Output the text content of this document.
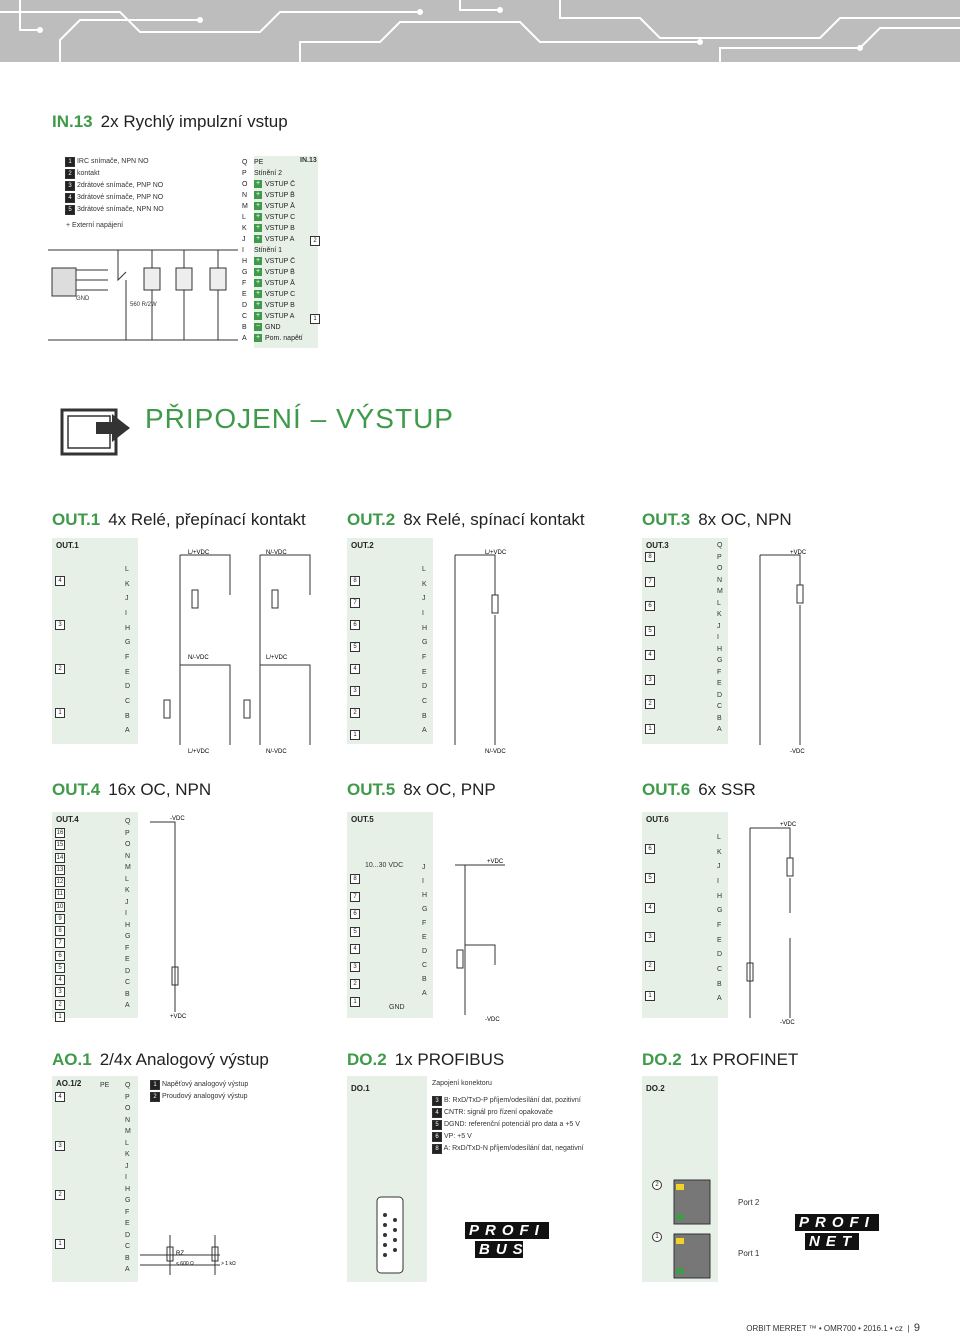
IN.13 2x Rychlý impulzní vstup
1 IRC snímače, NPN NO
2 kontakt
3 2drátové snímače, PNP NO
4 3drátové snímače, PNP NO
5 3drátové snímače, NPN NO
+ Externí napájení
GND
560 R/2W
IN.13
Q PE
P Stínění 2
O + VSTUP C̄
N + VSTUP B̄
M + VSTUP Ā
L + VSTUP C
K + VSTUP B
J + VSTUP A
I Stínění 1
H + VSTUP C̄
G + VSTUP B̄
F + VSTUP Ā
E + VSTUP C
D + VSTUP B
C + VSTUP A
B − GND
A + Pom. napětí
2
1
PŘIPOJENÍ – VÝSTUP
OUT.1 4x Relé, přepínací kontakt OUT.2 8x Relé, spínací kontakt	OUT.3 8x OC, NPN
OUT.1
L
K
J
I
H
G
F
E
D
C
B
A
4
3
2
1
L/+VDC	N/-VDC
N/-VDC	L/+VDC
L/+VDC	N/-VDC
OUT.2
L
K
J
I
H
G
F
E
D
C
B
A
8
7
6
5
4
3
2
1
L/+VDC
N/-VDC
OUT.3	Q
P
O
N
M
L
K
J
I
H
G
F
E
D
C
B
A
8
7
6
5
4
3
2
1
+VDC
-VDC
OUT.4 16x OC, NPN	OUT.5 8x OC, PNP	OUT.6 6x SSR
OUT.4	Q
P
O
N
M
L
K
J
I
H
G
F
E
D
C
B
A
16
15
14
13
12
11
10
9
8
7
6
5
4
3
2
1
-VDC
+VDC
OUT.5
10...30 VDC
GND
J
I
H
G
F
E
D
C
B
A
8
7
6
5
4
3
2
1
+VDC
-VDC
OUT.6
L
K
J
I
H
G
F
E
D
C
B
A
6
5
4
3
2
1
+VDC
-VDC
AO.1 2/4x Analogový výstup	DO.2 1x PROFIBUS	DO.2 1x PROFINET
AO.1/2	PE Q
P
O
N
M
L
K
J
I
H
G
F
E
D
C
B
A
4
3
2
1
1 Napěťový analogový výstup
2 Proudový analogový výstup
RZ
< 600 Ω	> 1 kΩ
DO.1
Zapojení konektoru
3 B: RxD/TxD-P příjem/odesílání dat, pozitivní
4 CNTR: signál pro řízení opakovače
5 DGND: referenční potenciál pro data a +5 V
6 VP: +5 V
8 A: RxD/TxD-N příjem/odesílání dat, negativní
PROFI
BUS
DO.2
2
1
Port 2
Port 1
PROFI
NET
ORBIT MERRET ™ • OMR700 • 2016.1 • cz  |  9
